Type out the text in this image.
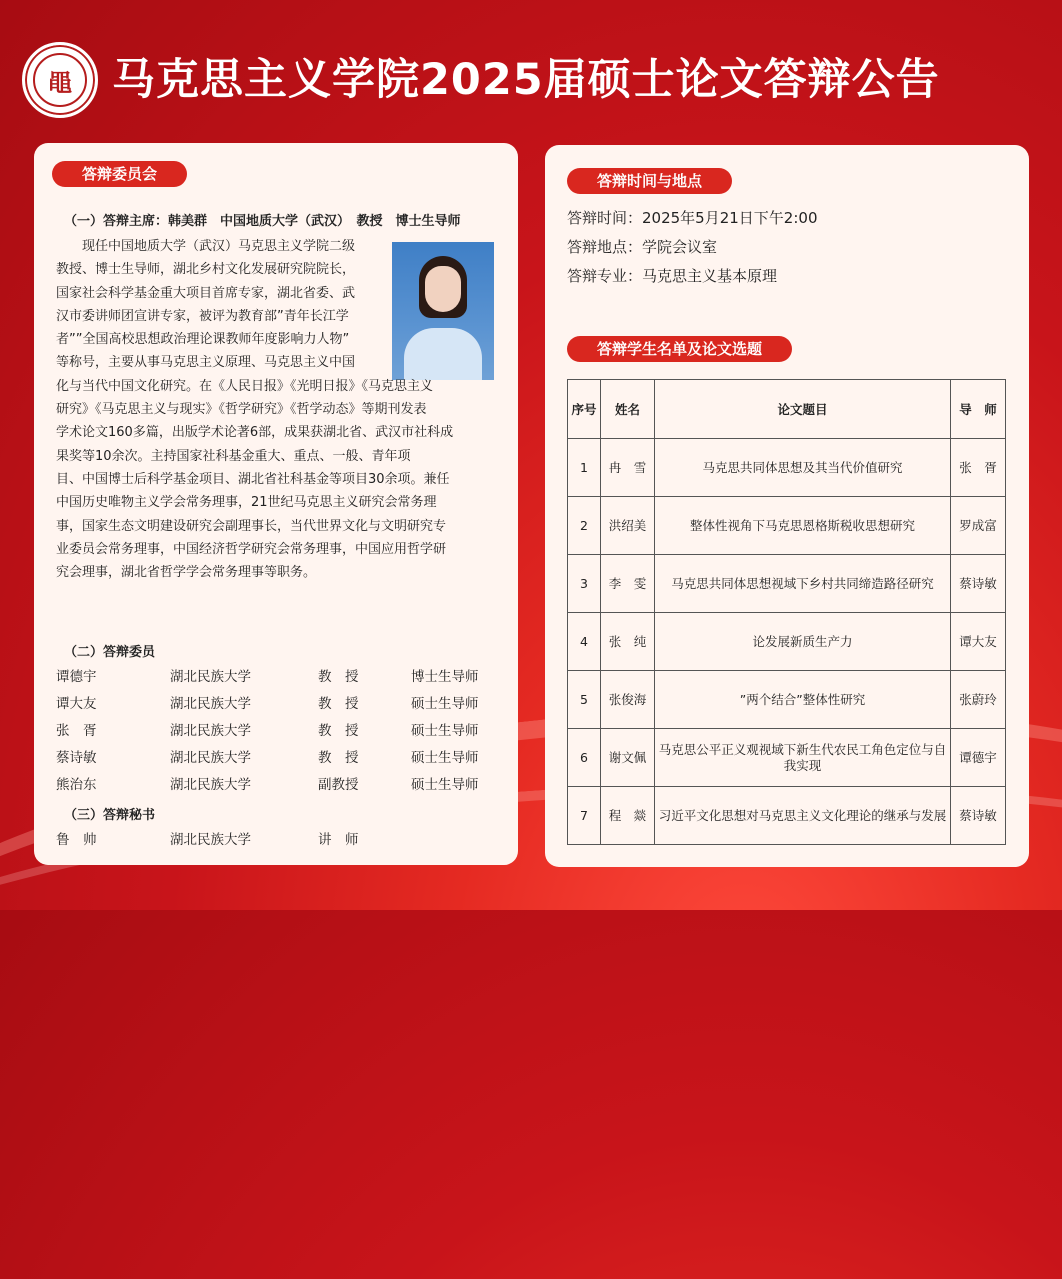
黽 马克思主义学院2025届硕士论文答辩公告
答辩委员会
（一）答辩主席：韩美群　中国地质大学（武汉）　教授　博士生导师
现任中国地质大学（武汉）马克思主义学院二级
教授、博士生导师，湖北乡村文化发展研究院院长，
国家社会科学基金重大项目首席专家，湖北省委、武
汉市委讲师团宣讲专家，被评为教育部”青年长江学
者””全国高校思想政治理论课教师年度影响力人物”
等称号，主要从事马克思主义原理、马克思主义中国
化与当代中国文化研究。在《人民日报》《光明日报》《马克思主义
研究》《马克思主义与现实》《哲学研究》《哲学动态》等期刊发表
学术论文160多篇，出版学术论著6部，成果获湖北省、武汉市社科成
果奖等10余次。主持国家社科基金重大、重点、一般、青年项
目、中国博士后科学基金项目、湖北省社科基金等项目30余项。兼任
中国历史唯物主义学会常务理事，21世纪马克思主义研究会常务理
事，国家生态文明建设研究会副理事长，当代世界文化与文明研究专
业委员会常务理事，中国经济哲学研究会常务理事，中国应用哲学研
究会理事，湖北省哲学学会常务理事等职务。
（二）答辩委员
谭德宇	湖北民族大学	教　授	博士生导师
谭大友	湖北民族大学	教　授	硕士生导师
张　胥	湖北民族大学	教　授	硕士生导师
蔡诗敏	湖北民族大学	教　授	硕士生导师
熊治东	湖北民族大学	副教授	硕士生导师
（三）答辩秘书
鲁　帅	湖北民族大学	讲　师
答辩时间与地点
答辩时间：2025年5月21日下午2:00
答辩地点：学院会议室
答辩专业：马克思主义基本原理
答辩学生名单及论文选题
序号	姓名	论文题目	导　师
1	冉　雪	马克思共同体思想及其当代价值研究	张　胥
2	洪绍美	整体性视角下马克思恩格斯税收思想研究	罗成富
3	李　雯	马克思共同体思想视域下乡村共同缔造路径研究	蔡诗敏
4	张　纯	论发展新质生产力	谭大友
5	张俊海	”两个结合”整体性研究	张蔚玲
6	谢文佩	马克思公平正义观视域下新生代农民工角色定位与自我实现	谭德宇
7	程　燚	习近平文化思想对马克思主义文化理论的继承与发展	蔡诗敏
